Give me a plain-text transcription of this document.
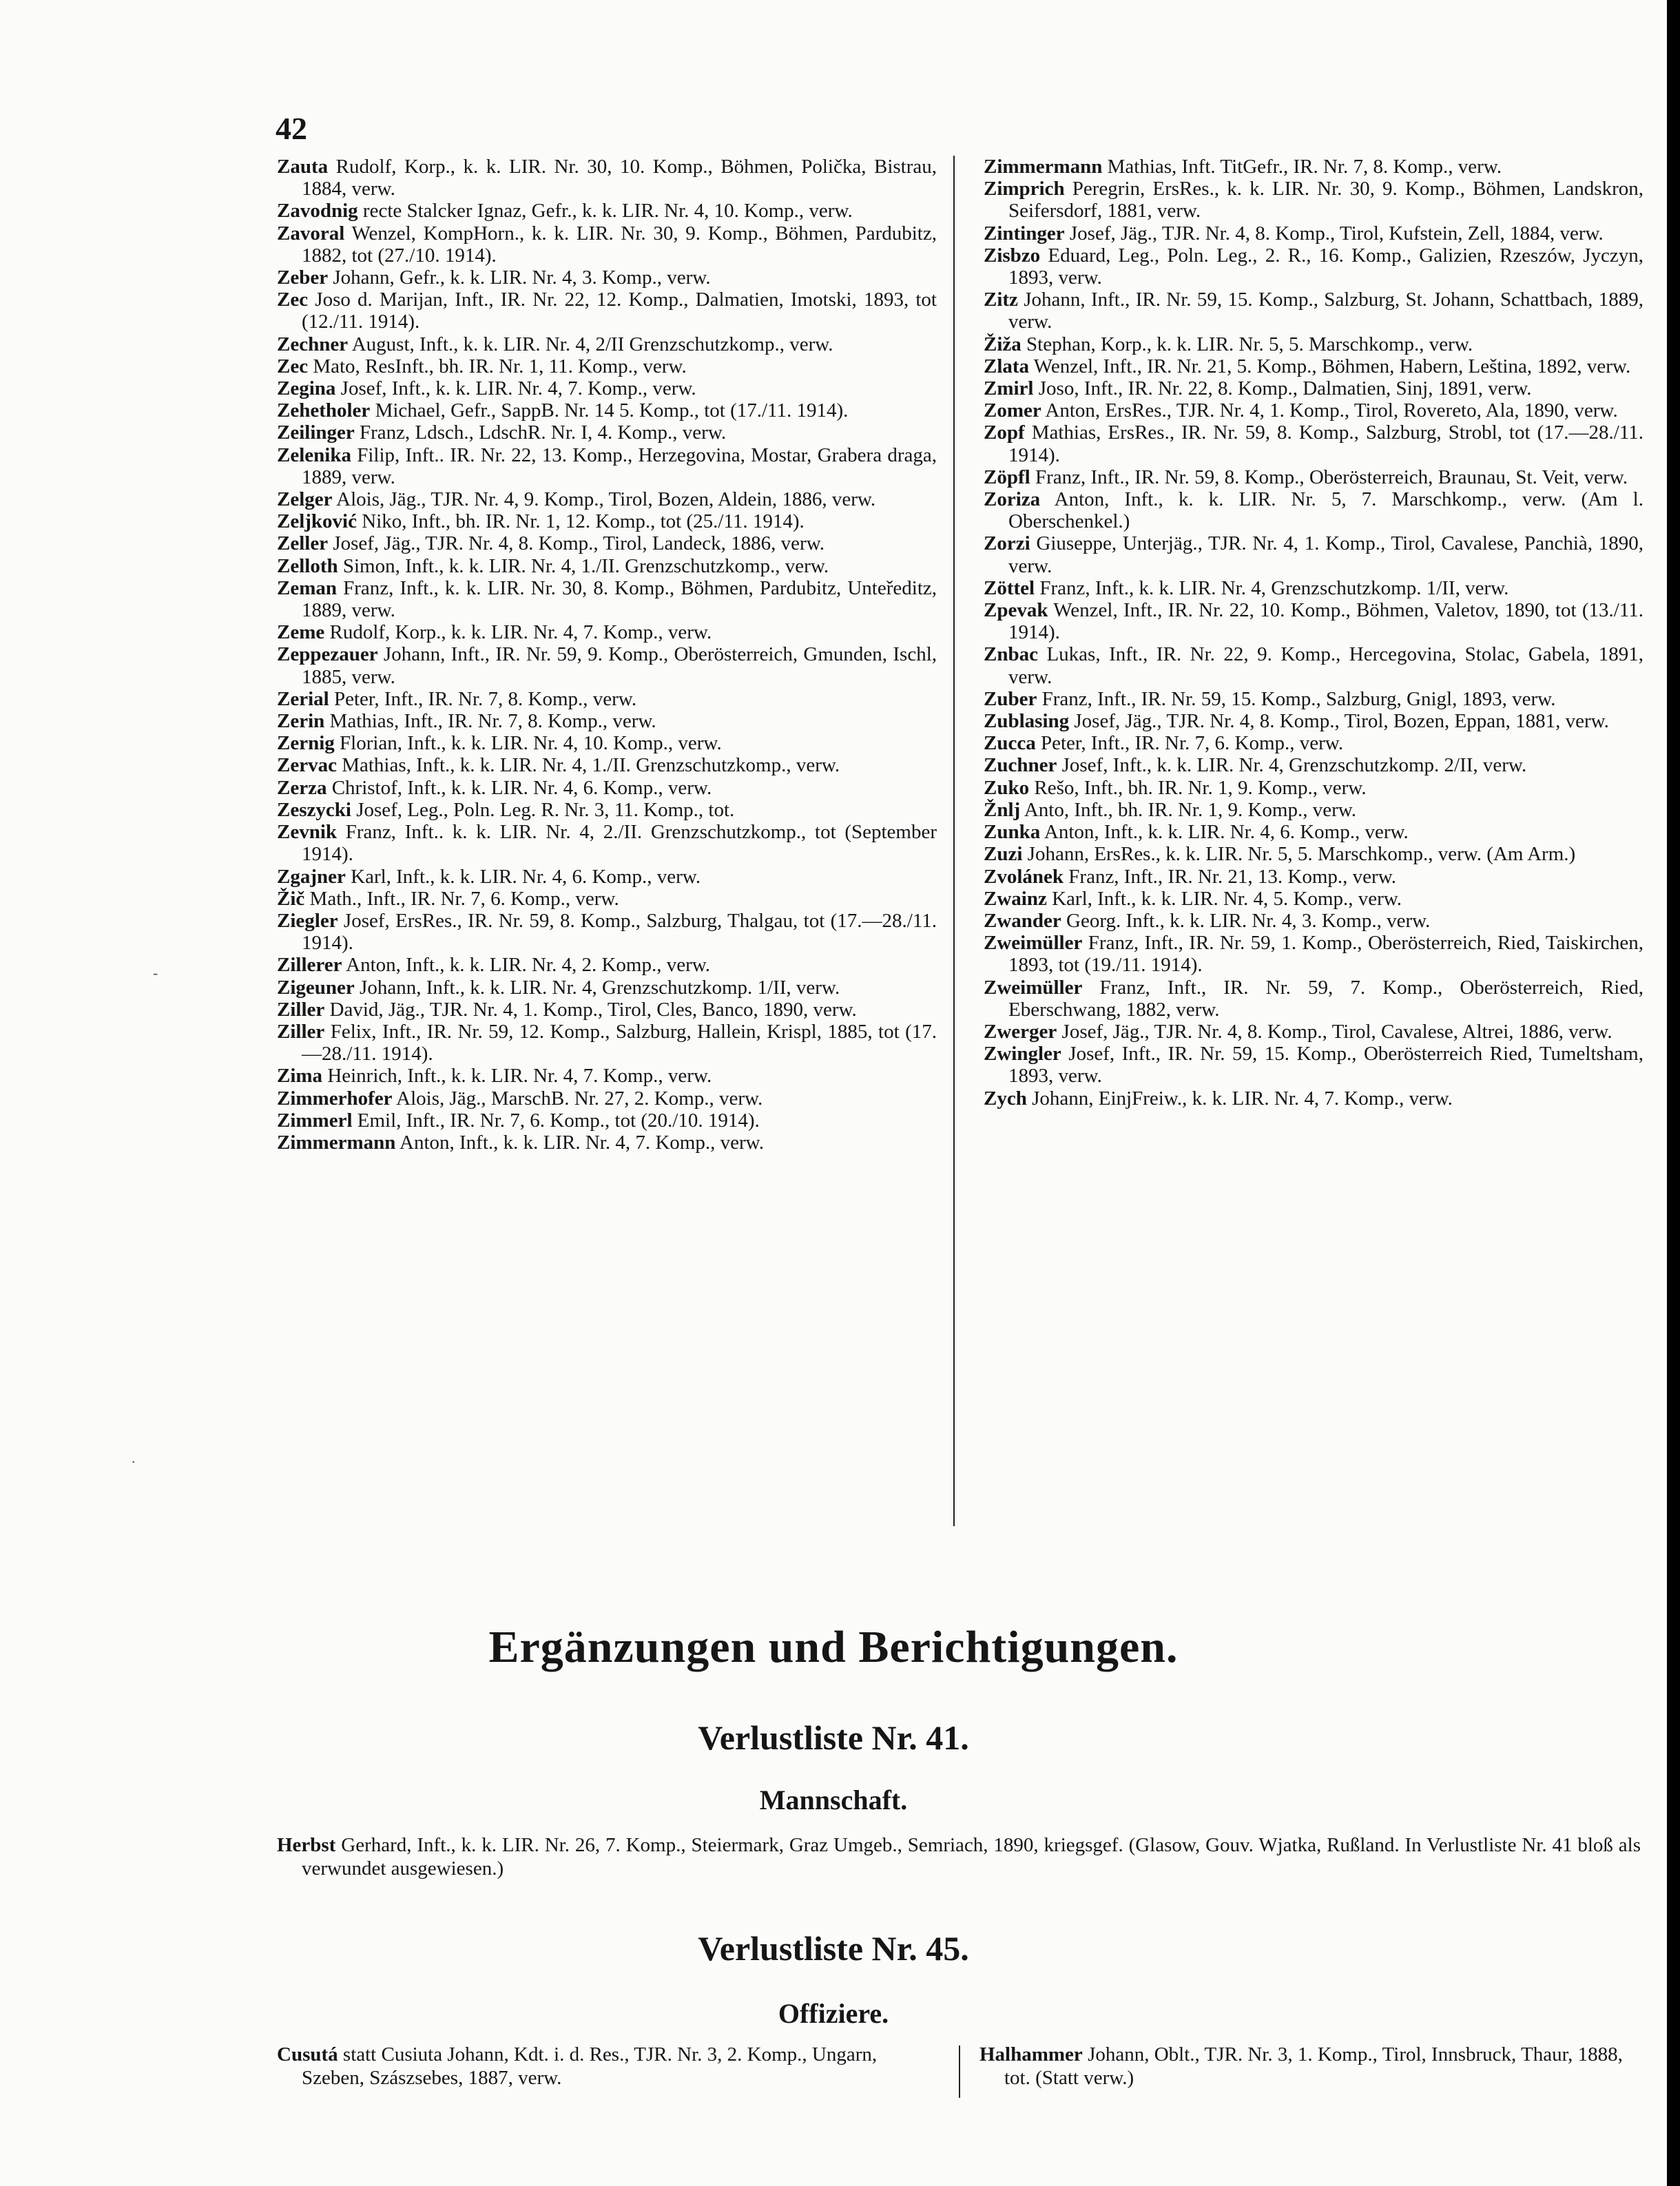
42
Zauta Rudolf, Korp., k. k. LIR. Nr. 30, 10. Komp., Böhmen, Polička, Bistrau, 1884, verw.
Zavodnig recte Stalcker Ignaz, Gefr., k. k. LIR. Nr. 4, 10. Komp., verw.
Zavoral Wenzel, KompHorn., k. k. LIR. Nr. 30, 9. Komp., Böhmen, Pardubitz, 1882, tot (27./10. 1914).
Zeber Johann, Gefr., k. k. LIR. Nr. 4, 3. Komp., verw.
Zec Joso d. Marijan, Inft., IR. Nr. 22, 12. Komp., Dalmatien, Imotski, 1893, tot (12./11. 1914).
Zechner August, Inft., k. k. LIR. Nr. 4, 2/II Grenzschutzkomp., verw.
Zec Mato, ResInft., bh. IR. Nr. 1, 11. Komp., verw.
Zegina Josef, Inft., k. k. LIR. Nr. 4, 7. Komp., verw.
Zehetholer Michael, Gefr., SappB. Nr. 14 5. Komp., tot (17./11. 1914).
Zeilinger Franz, Ldsch., LdschR. Nr. I, 4. Komp., verw.
Zelenika Filip, Inft.. IR. Nr. 22, 13. Komp., Herzegovina, Mostar, Grabera draga, 1889, verw.
Zelger Alois, Jäg., TJR. Nr. 4, 9. Komp., Tirol, Bozen, Aldein, 1886, verw.
Zeljković Niko, Inft., bh. IR. Nr. 1, 12. Komp., tot (25./11. 1914).
Zeller Josef, Jäg., TJR. Nr. 4, 8. Komp., Tirol, Landeck, 1886, verw.
Zelloth Simon, Inft., k. k. LIR. Nr. 4, 1./II. Grenzschutzkomp., verw.
Zeman Franz, Inft., k. k. LIR. Nr. 30, 8. Komp., Böhmen, Pardubitz, Unteředitz, 1889, verw.
Zeme Rudolf, Korp., k. k. LIR. Nr. 4, 7. Komp., verw.
Zeppezauer Johann, Inft., IR. Nr. 59, 9. Komp., Oberösterreich, Gmunden, Ischl, 1885, verw.
Zerial Peter, Inft., IR. Nr. 7, 8. Komp., verw.
Zerin Mathias, Inft., IR. Nr. 7, 8. Komp., verw.
Zernig Florian, Inft., k. k. LIR. Nr. 4, 10. Komp., verw.
Zervac Mathias, Inft., k. k. LIR. Nr. 4, 1./II. Grenzschutzkomp., verw.
Zerza Christof, Inft., k. k. LIR. Nr. 4, 6. Komp., verw.
Zeszycki Josef, Leg., Poln. Leg. R. Nr. 3, 11. Komp., tot.
Zevnik Franz, Inft.. k. k. LIR. Nr. 4, 2./II. Grenzschutzkomp., tot (September 1914).
Zgajner Karl, Inft., k. k. LIR. Nr. 4, 6. Komp., verw.
Žič Math., Inft., IR. Nr. 7, 6. Komp., verw.
Ziegler Josef, ErsRes., IR. Nr. 59, 8. Komp., Salzburg, Thalgau, tot (17.—28./11. 1914).
Zillerer Anton, Inft., k. k. LIR. Nr. 4, 2. Komp., verw.
Zigeuner Johann, Inft., k. k. LIR. Nr. 4, Grenzschutzkomp. 1/II, verw.
Ziller David, Jäg., TJR. Nr. 4, 1. Komp., Tirol, Cles, Banco, 1890, verw.
Ziller Felix, Inft., IR. Nr. 59, 12. Komp., Salzburg, Hallein, Krispl, 1885, tot (17.—28./11. 1914).
Zima Heinrich, Inft., k. k. LIR. Nr. 4, 7. Komp., verw.
Zimmerhofer Alois, Jäg., MarschB. Nr. 27, 2. Komp., verw.
Zimmerl Emil, Inft., IR. Nr. 7, 6. Komp., tot (20./10. 1914).
Zimmermann Anton, Inft., k. k. LIR. Nr. 4, 7. Komp., verw.
Zimmermann Mathias, Inft. TitGefr., IR. Nr. 7, 8. Komp., verw.
Zimprich Peregrin, ErsRes., k. k. LIR. Nr. 30, 9. Komp., Böhmen, Landskron, Seifersdorf, 1881, verw.
Zintinger Josef, Jäg., TJR. Nr. 4, 8. Komp., Tirol, Kufstein, Zell, 1884, verw.
Zisbzo Eduard, Leg., Poln. Leg., 2. R., 16. Komp., Galizien, Rzeszów, Jyczyn, 1893, verw.
Zitz Johann, Inft., IR. Nr. 59, 15. Komp., Salzburg, St. Johann, Schattbach, 1889, verw.
Žiža Stephan, Korp., k. k. LIR. Nr. 5, 5. Marschkomp., verw.
Zlata Wenzel, Inft., IR. Nr. 21, 5. Komp., Böhmen, Habern, Leština, 1892, verw.
Zmirl Joso, Inft., IR. Nr. 22, 8. Komp., Dalmatien, Sinj, 1891, verw.
Zomer Anton, ErsRes., TJR. Nr. 4, 1. Komp., Tirol, Rovereto, Ala, 1890, verw.
Zopf Mathias, ErsRes., IR. Nr. 59, 8. Komp., Salzburg, Strobl, tot (17.—28./11. 1914).
Zöpfl Franz, Inft., IR. Nr. 59, 8. Komp., Oberösterreich, Braunau, St. Veit, verw.
Zoriza Anton, Inft., k. k. LIR. Nr. 5, 7. Marschkomp., verw. (Am l. Oberschenkel.)
Zorzi Giuseppe, Unterjäg., TJR. Nr. 4, 1. Komp., Tirol, Cavalese, Panchià, 1890, verw.
Zöttel Franz, Inft., k. k. LIR. Nr. 4, Grenzschutzkomp. 1/II, verw.
Zpevak Wenzel, Inft., IR. Nr. 22, 10. Komp., Böhmen, Valetov, 1890, tot (13./11. 1914).
Znbac Lukas, Inft., IR. Nr. 22, 9. Komp., Hercegovina, Stolac, Gabela, 1891, verw.
Zuber Franz, Inft., IR. Nr. 59, 15. Komp., Salzburg, Gnigl, 1893, verw.
Zublasing Josef, Jäg., TJR. Nr. 4, 8. Komp., Tirol, Bozen, Eppan, 1881, verw.
Zucca Peter, Inft., IR. Nr. 7, 6. Komp., verw.
Zuchner Josef, Inft., k. k. LIR. Nr. 4, Grenzschutzkomp. 2/II, verw.
Zuko Rešo, Inft., bh. IR. Nr. 1, 9. Komp., verw.
Žnlj Anto, Inft., bh. IR. Nr. 1, 9. Komp., verw.
Zunka Anton, Inft., k. k. LIR. Nr. 4, 6. Komp., verw.
Zuzi Johann, ErsRes., k. k. LIR. Nr. 5, 5. Marschkomp., verw. (Am Arm.)
Zvolánek Franz, Inft., IR. Nr. 21, 13. Komp., verw.
Zwainz Karl, Inft., k. k. LIR. Nr. 4, 5. Komp., verw.
Zwander Georg. Inft., k. k. LIR. Nr. 4, 3. Komp., verw.
Zweimüller Franz, Inft., IR. Nr. 59, 1. Komp., Oberösterreich, Ried, Taiskirchen, 1893, tot (19./11. 1914).
Zweimüller Franz, Inft., IR. Nr. 59, 7. Komp., Oberösterreich, Ried, Eberschwang, 1882, verw.
Zwerger Josef, Jäg., TJR. Nr. 4, 8. Komp., Tirol, Cavalese, Altrei, 1886, verw.
Zwingler Josef, Inft., IR. Nr. 59, 15. Komp., Oberösterreich Ried, Tumeltsham, 1893, verw.
Zych Johann, EinjFreiw., k. k. LIR. Nr. 4, 7. Komp., verw.
Ergänzungen und Berichtigungen.
Verlustliste Nr. 41.
Mannschaft.
Herbst Gerhard, Inft., k. k. LIR. Nr. 26, 7. Komp., Steiermark, Graz Umgeb., Semriach, 1890, kriegsgef. (Glasow, Gouv. Wjatka, Rußland. In Verlustliste Nr. 41 bloß als verwundet ausgewiesen.)
Verlustliste Nr. 45.
Offiziere.
Cusutá statt Cusiuta Johann, Kdt. i. d. Res., TJR. Nr. 3, 2. Komp., Ungarn, Szeben, Szászsebes, 1887, verw.
Halhammer Johann, Oblt., TJR. Nr. 3, 1. Komp., Tirol, Innsbruck, Thaur, 1888, tot. (Statt verw.)
-
·
